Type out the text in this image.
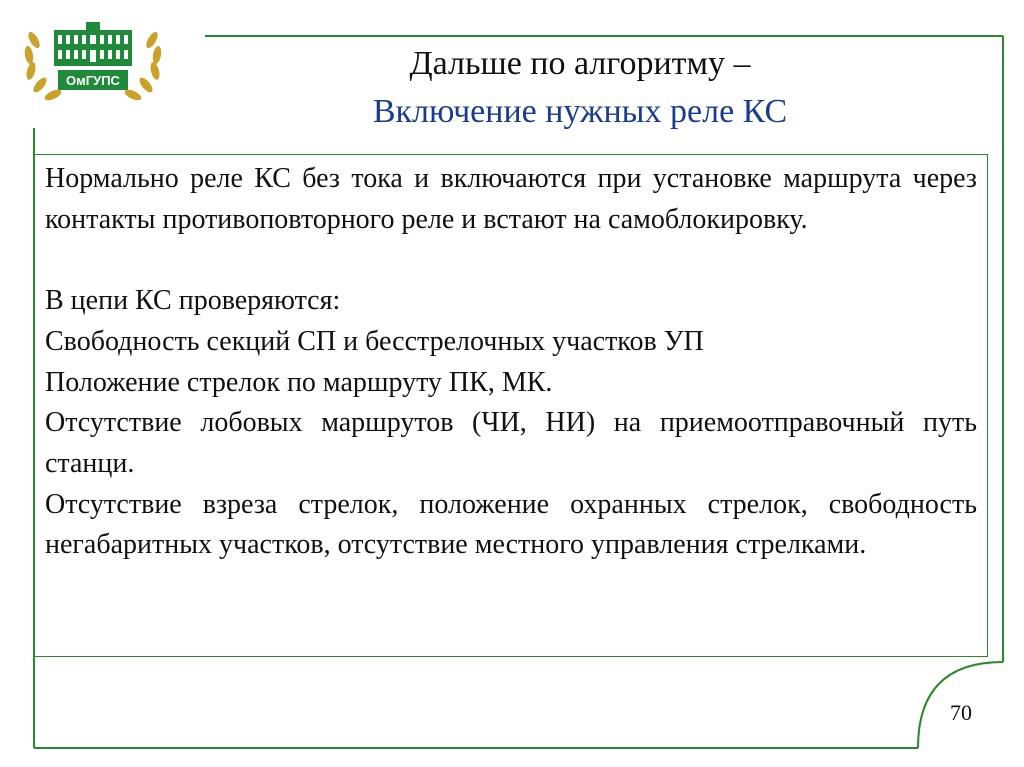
ОмГУПС	Дальше по алгоритму –
Включение нужных реле КС

Нормально реле КС без тока и включаются при установке маршрута через контакты противоповторного реле и встают на самоблокировку.

В цепи КС проверяются:

Свободность секций СП и бесстрелочных участков УП

Положение стрелок по маршруту ПК, МК.

Отсутствие лобовых маршрутов (ЧИ, НИ) на приемоотправочный путь станци.

Отсутствие взреза стрелок, положение охранных стрелок, свободность негабаритных участков, отсутствие местного управления стрелками.

70
